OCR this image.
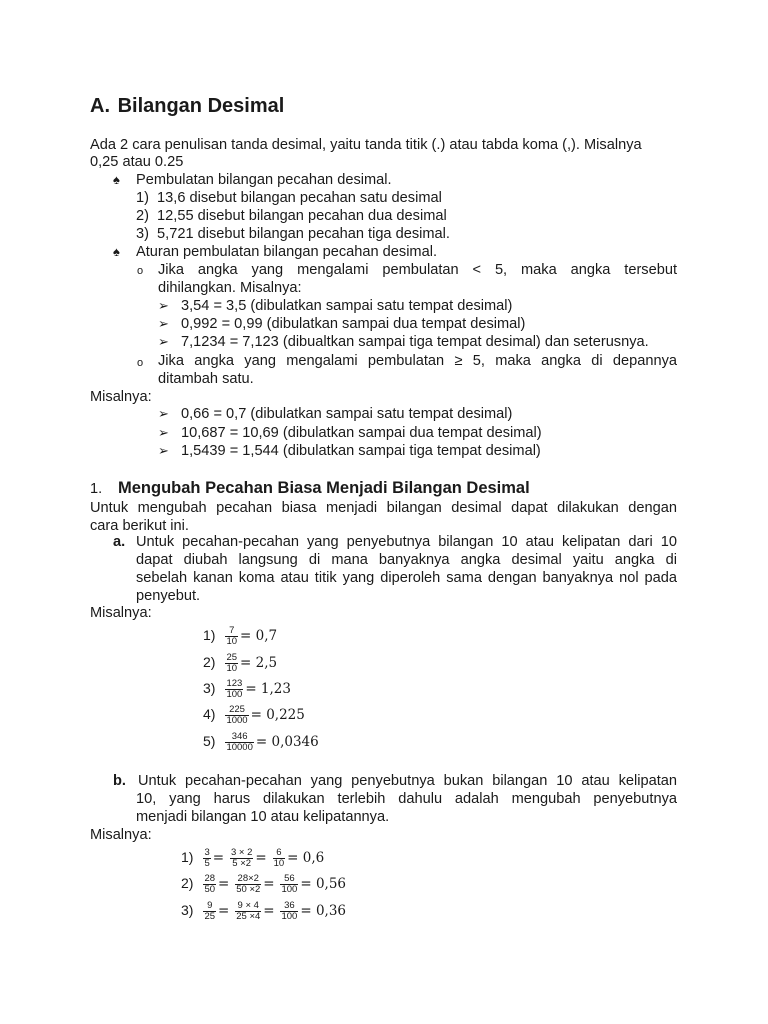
A. Bilangan Desimal
Ada 2 cara penulisan tanda desimal, yaitu tanda titik (.) atau tabda koma (,). Misalnya
0,25 atau 0.25
♠ Pembulatan bilangan pecahan desimal.
1) 13,6 disebut bilangan pecahan satu desimal
2) 12,55 disebut bilangan pecahan dua desimal
3) 5,721 disebut bilangan pecahan tiga desimal.
♠ Aturan pembulatan bilangan pecahan desimal.
o Jika angka yang mengalami pembulatan < 5, maka angka tersebut
dihilangkan. Misalnya:
➢ 3,54 = 3,5 (dibulatkan sampai satu tempat desimal)
➢ 0,992 = 0,99 (dibulatkan sampai dua tempat desimal)
➢ 7,1234 = 7,123 (dibualtkan sampai tiga tempat desimal) dan seterusnya.
o Jika angka yang mengalami pembulatan ≥ 5, maka angka di depannya
ditambah satu.
Misalnya:
➢ 0,66 = 0,7 (dibulatkan sampai satu tempat desimal)
➢ 10,687 = 10,69 (dibulatkan sampai dua tempat desimal)
➢ 1,5439 = 1,544 (dibulatkan sampai tiga tempat desimal)
1. Mengubah Pecahan Biasa Menjadi Bilangan Desimal
Untuk mengubah pecahan biasa menjadi bilangan desimal dapat dilakukan dengan
cara berikut ini.
a. Untuk pecahan-pecahan yang penyebutnya bilangan 10 atau kelipatan dari 10
dapat diubah langsung di mana banyaknya angka desimal yaitu angka di
sebelah kanan koma atau titik yang diperoleh sama dengan banyaknya nol pada
penyebut.
Misalnya:
$1) \frac{7}{10} = 0,7$
$2) \frac{25}{10} = 2,5$
$3) \frac{123}{100} = 1,23$
$4) \frac{225}{1000} = 0,225$
$5) \frac{346}{10000} = 0,0346$
b. Untuk pecahan-pecahan yang penyebutnya bukan bilangan 10 atau kelipatan
10, yang harus dilakukan terlebih dahulu adalah mengubah penyebutnya
menjadi bilangan 10 atau kelipatannya.
Misalnya:
$1) \frac{3}{5} = \frac{3 \times 2}{5 \times 2} = \frac{6}{10} = 0,6$
$2) \frac{28}{50} = \frac{28\times 2}{50 \times 2} = \frac{56}{100} = 0,56$
$3) \frac{9}{25} = \frac{9 \times 4}{25 \times 4} = \frac{36}{100} = 0,36$
